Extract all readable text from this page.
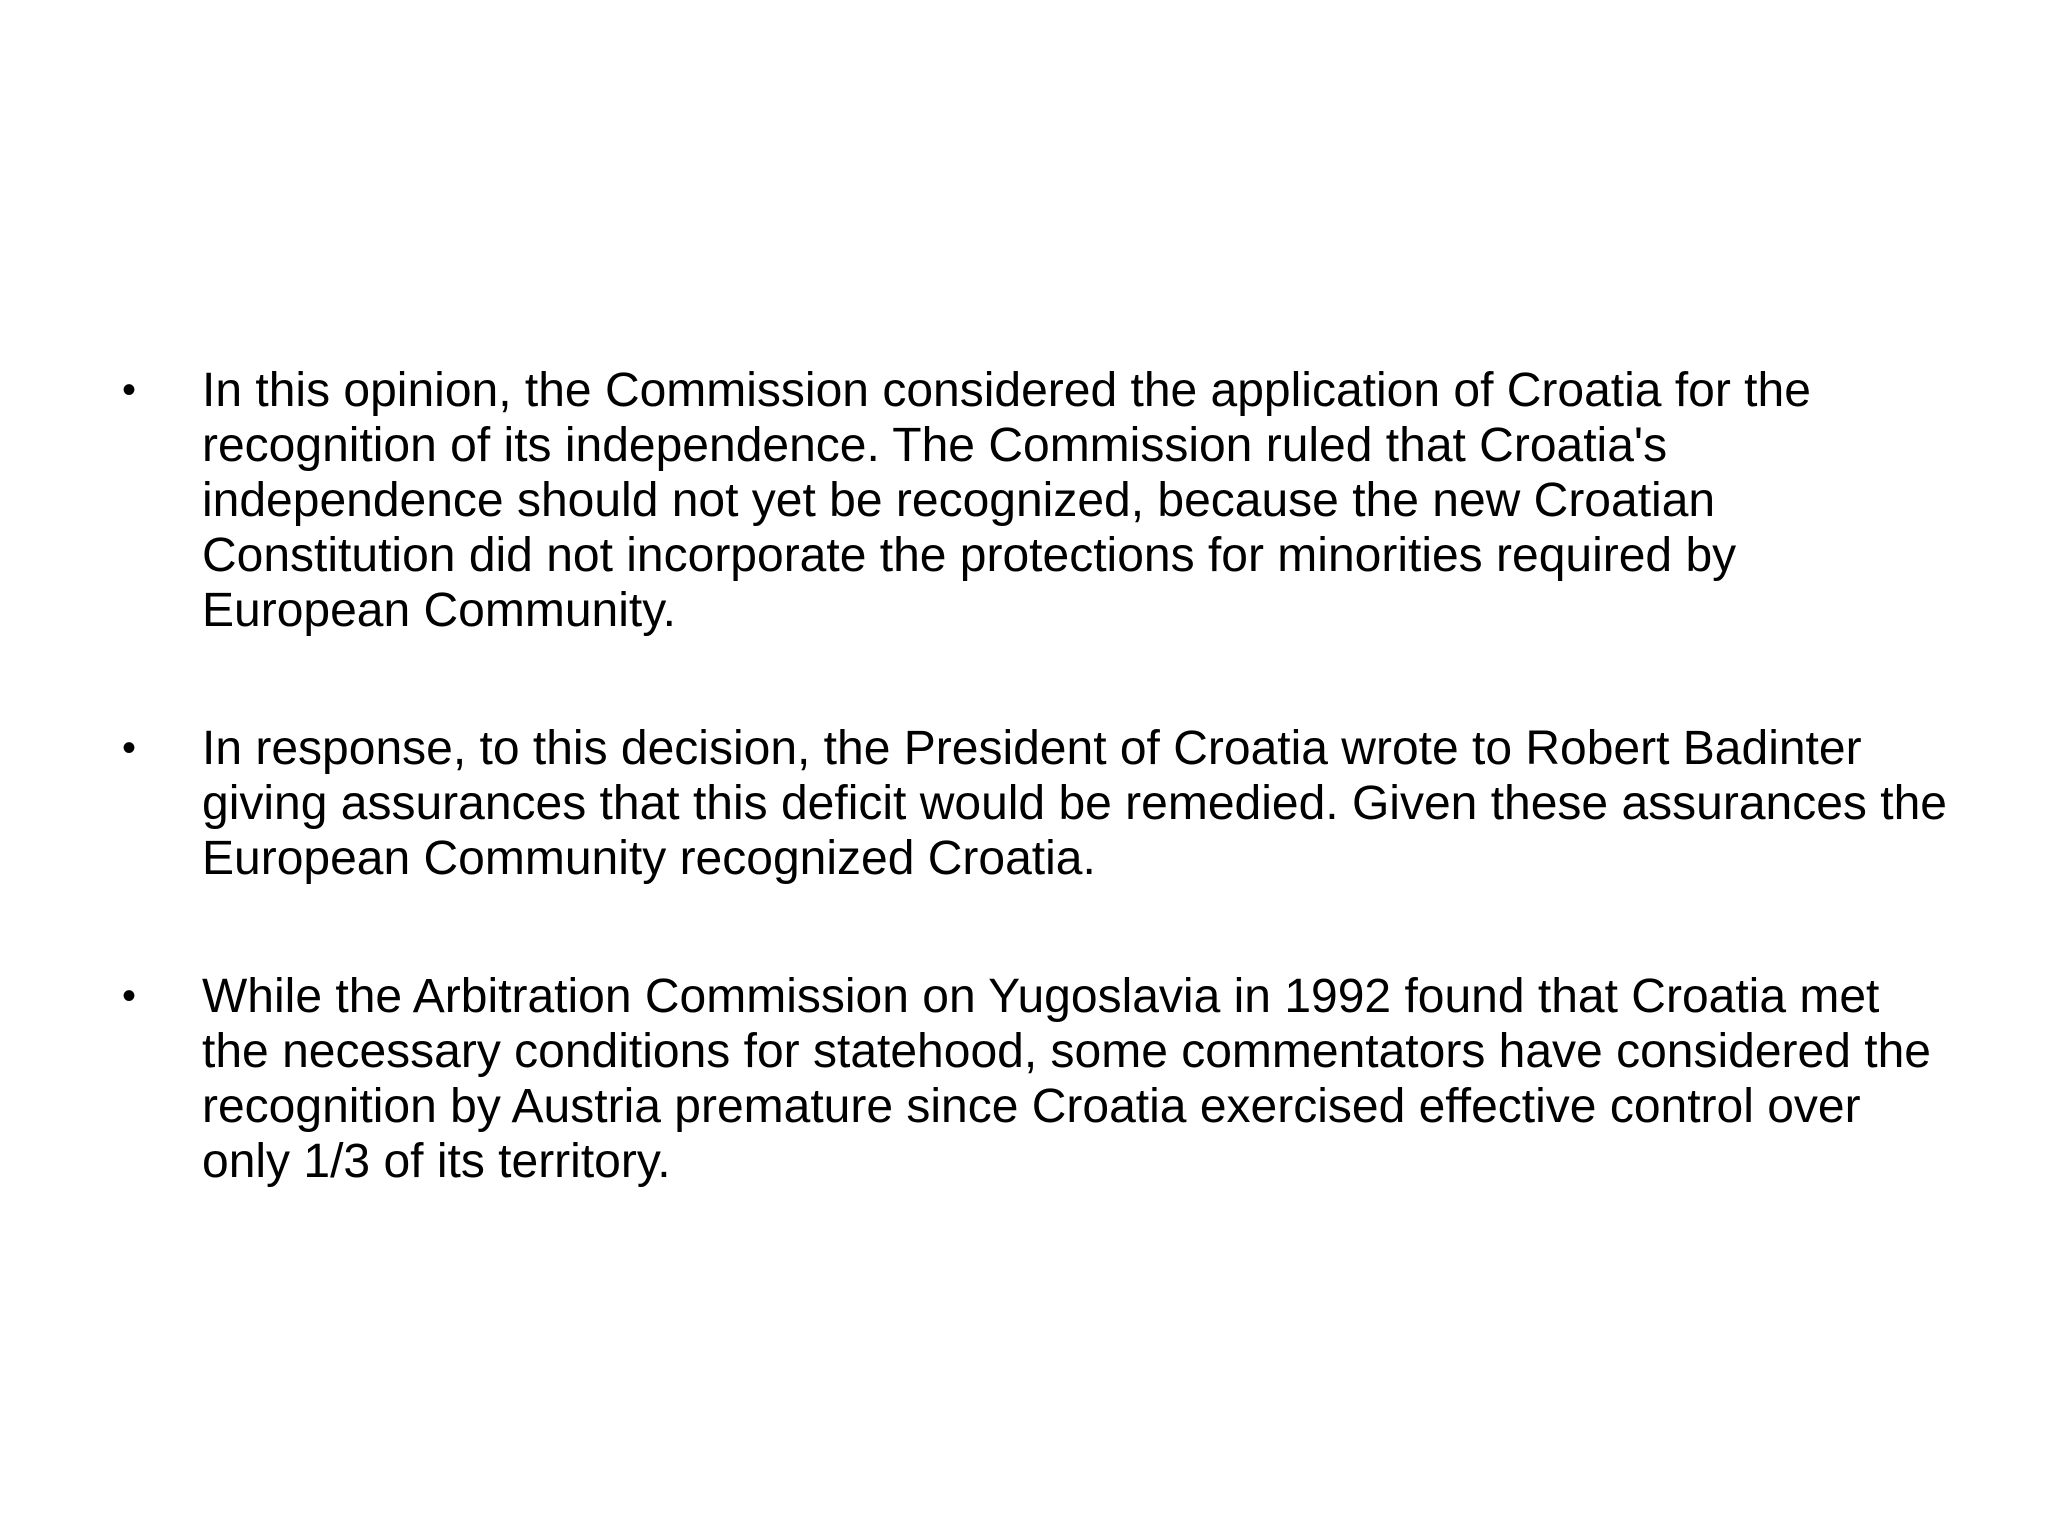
•	In this opinion, the Commission considered the application of Croatia for the recognition of its independence. The Commission ruled that Croatia's independence should not yet be recognized, because the new Croatian Constitution did not incorporate the protections for minorities required by European Community.
•	In response, to this decision, the President of Croatia wrote to Robert Badinter giving assurances that this deficit would be remedied. Given these assurances the European Community recognized Croatia.
•	While the Arbitration Commission on Yugoslavia in 1992 found that Croatia met the necessary conditions for statehood, some commentators have considered the recognition by Austria premature since Croatia exercised effective control over only 1/3 of its territory.
